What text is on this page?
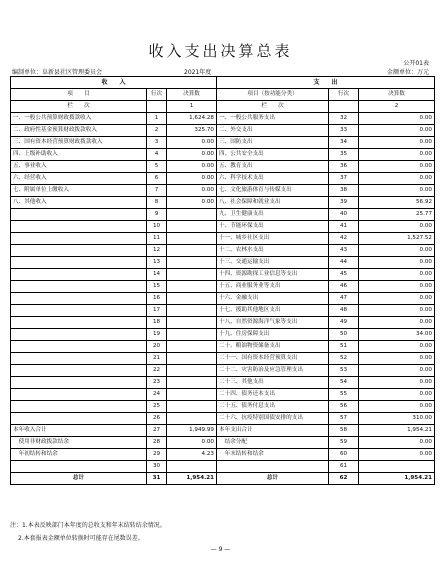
收入支出决算总表
公开01表
编制单位：阜新县社区管理委员会	2021年度	金额单位：万元
收　　入			支　　出		
项　　目	行次	决算数	项目（按功能分类）	行次	决算数
栏　　次		1	栏　　次		2
一、一般公共预算财政拨款收入	1	1,624.28	一、一般公共服务支出	32	0.00
二、政府性基金预算财政拨款收入	2	325.70	二、外交支出	33	0.00
三、国有资本经营预算财政拨款收入	3	0.00	三、国防支出	34	0.00
四、上级补助收入	4	0.00	四、公共安全支出	35	0.00
五、事业收入	5	0.00	五、教育支出	36	0.00
六、经营收入	6	0.00	六、科学技术支出	37	0.00
七、附属单位上缴收入	7	0.00	七、文化旅游体育与传媒支出	38	0.00
八、其他收入	8	0.00	八、社会保障和就业支出	39	56.92
	9		九、卫生健康支出	40	25.77
	10		十、节能环保支出	41	0.00
	11		十一、城乡社区支出	42	1,527.52
	12		十二、农林水支出	43	0.00
	13		十三、交通运输支出	44	0.00
	14		十四、资源勘探工业信息等支出	45	0.00
	15		十五、商业服务业等支出	46	0.00
	16		十六、金融支出	47	0.00
	17		十七、援助其他地区支出	48	0.00
	18		十八、自然资源海洋气象等支出	49	0.00
	19		十九、住房保障支出	50	34.00
	20		二十、粮油物资储备支出	51	0.00
	21		二十一、国有资本经营预算支出	52	0.00
	22		二十二、灾害防治及应急管理支出	53	0.00
	23		二十三、其他支出	54	0.00
	24		二十四、债务还本支出	55	0.00
	25		二十五、债务付息支出	56	0.00
	26		二十六、抗疫特别国债安排的支出	57	310.00
本年收入合计	27	1,949.99	本年支出合计	58	1,954.21
　使用非财政拨款结余	28	0.00	　结余分配	59	0.00
　年初结转和结余	29	4.23	　年末结转和结余	60	0.00
	30			61	
总计	31	1,954.21	总计	62	1,954.21
注：1.本表反映部门本年度的总收支和年末结转结余情况。
2.本套报表金额单位转换时可能存在尾数误差。
— 9 —
